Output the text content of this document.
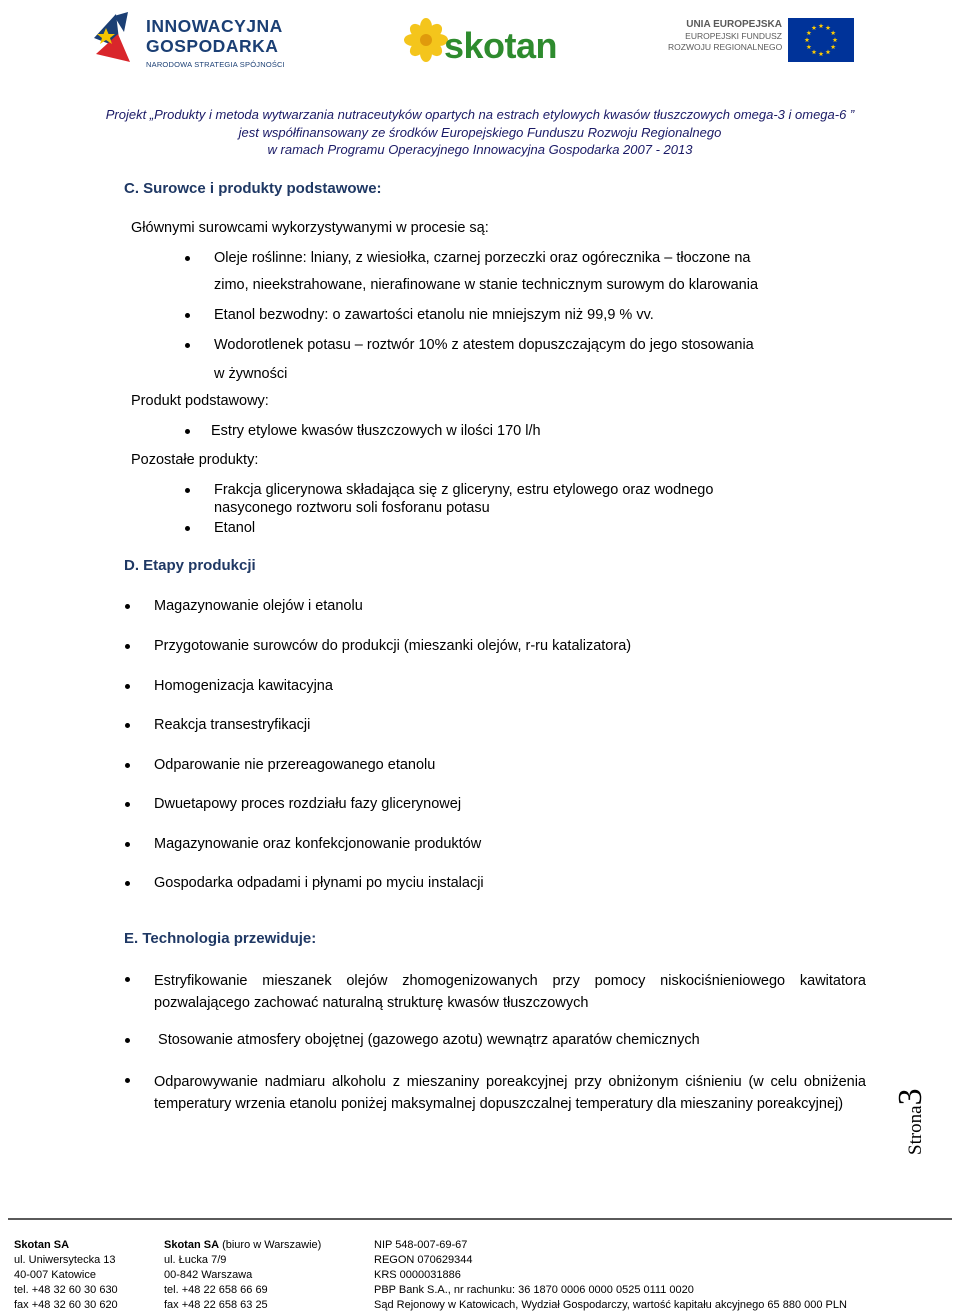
INNOWACYJNA
GOSPODARKA
NARODOWA STRATEGIA SPÓJNOŚCI	skotan
UNIA EUROPEJSKA
EUROPEJSKI FUNDUSZ
ROZWOJU REGIONALNEGO
Projekt „Produkty i metoda wytwarzania nutraceutyków opartych na estrach etylowych kwasów tłuszczowych omega-3 i omega-6 ”
jest współfinansowany ze środków Europejskiego Funduszu Rozwoju Regionalnego
w ramach Programu Operacyjnego Innowacyjna Gospodarka 2007 - 2013
C. Surowce i produkty podstawowe:
Głównymi surowcami wykorzystywanymi w procesie są:
Oleje roślinne: lniany, z wiesiołka, czarnej porzeczki oraz ogórecznika – tłoczone na
zimo, nieekstrahowane, nierafinowane w stanie technicznym surowym do klarowania
Etanol bezwodny: o zawartości etanolu nie mniejszym niż 99,9 % vv.
Wodorotlenek potasu – roztwór 10% z atestem dopuszczającym do jego stosowania
w żywności
Produkt podstawowy:
Estry etylowe kwasów tłuszczowych w ilości 170 l/h
Pozostałe produkty:
Frakcja glicerynowa składająca się z gliceryny, estru etylowego oraz wodnego
nasyconego roztworu soli fosforanu potasu
Etanol
D. Etapy produkcji
Magazynowanie olejów i etanolu
Przygotowanie surowców do produkcji (mieszanki olejów, r-ru katalizatora)
Homogenizacja kawitacyjna
Reakcja transestryfikacji
Odparowanie nie przereagowanego etanolu
Dwuetapowy proces rozdziału fazy glicerynowej
Magazynowanie oraz konfekcjonowanie produktów
Gospodarka odpadami i płynami po myciu instalacji
E. Technologia przewiduje:
Estryfikowanie mieszanek olejów zhomogenizowanych przy pomocy niskociśnieniowego kawitatora pozwalającego zachować naturalną strukturę kwasów tłuszczowych
Stosowanie atmosfery obojętnej (gazowego azotu) wewnątrz aparatów chemicznych
Odparowywanie nadmiaru alkoholu z mieszaniny poreakcyjnej przy obniżonym ciśnieniu (w celu obniżenia temperatury wrzenia etanolu poniżej maksymalnej dopuszczalnej temperatury dla mieszaniny poreakcyjnej)
Strona3
Skotan SA
ul. Uniwersytecka 13
40-007 Katowice
tel. +48 32 60 30 630
fax +48 32 60 30 620
Skotan SA (biuro w Warszawie)
ul. Łucka 7/9
00-842 Warszawa
tel. +48 22 658 66 69
fax +48 22 658 63 25
NIP 548-007-69-67
REGON 070629344
KRS 0000031886
PBP Bank S.A., nr rachunku: 36 1870 0006 0000 0525 0111 0020
Sąd Rejonowy w Katowicach, Wydział Gospodarczy, wartość kapitału akcyjnego 65 880 000 PLN
